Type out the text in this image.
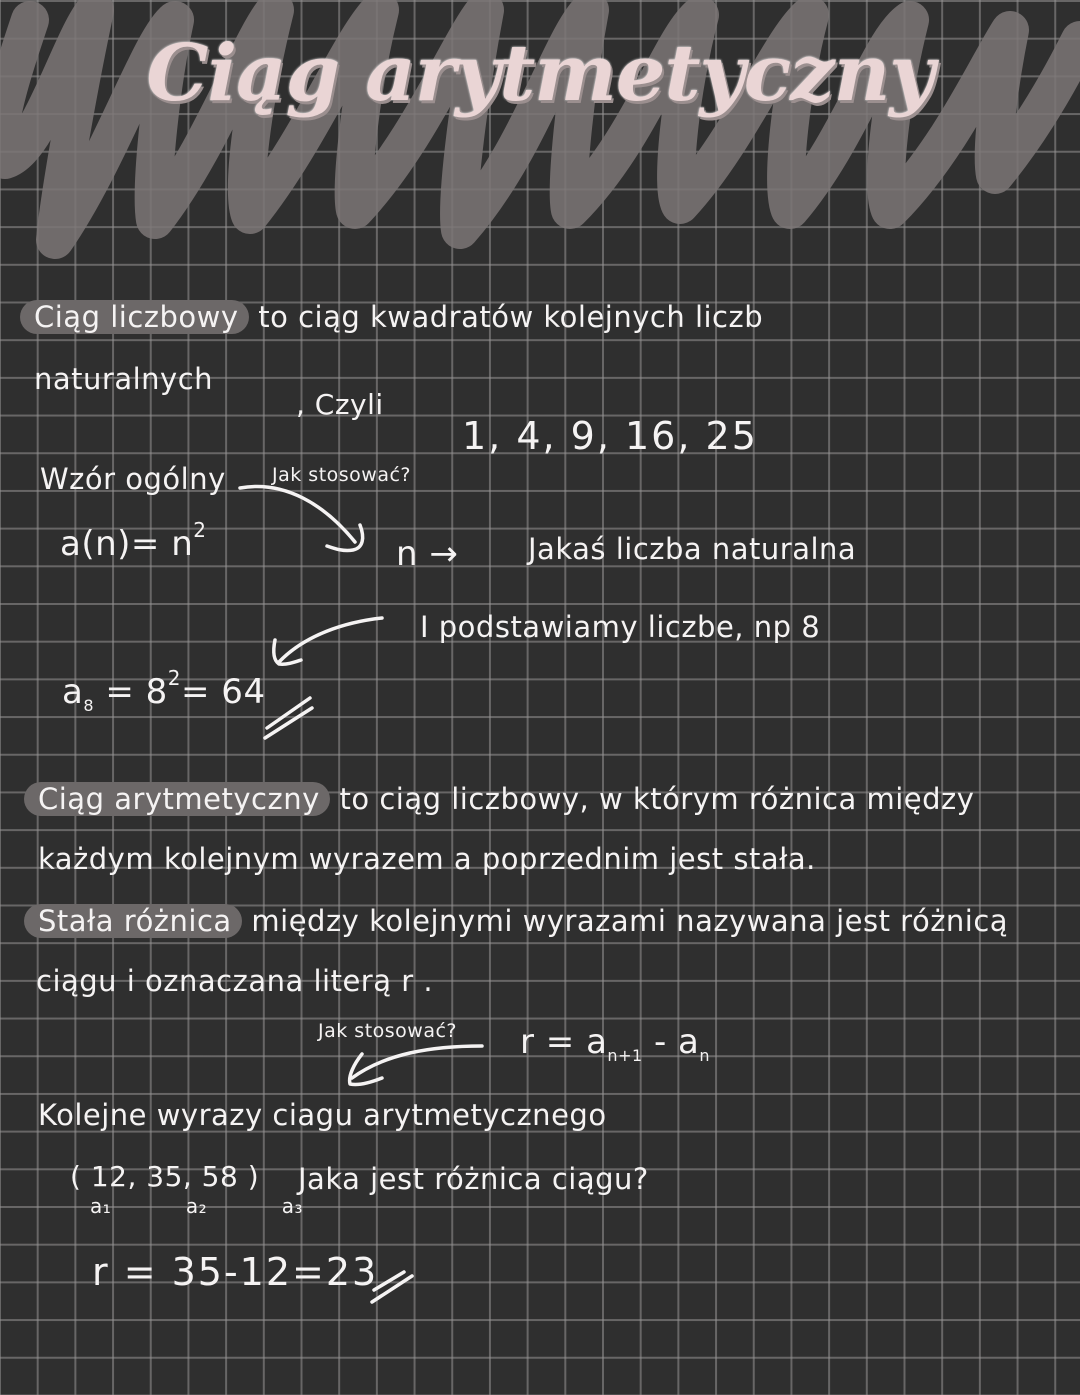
Ciąg arytmetyczny
Ciąg liczbowy to ciąg kwadratów kolejnych liczb
naturalnych
, Czyli
1, 4, 9, 16, 25
Wzór ogólny Jak stosować?
$a(n)= n^2$
n → Jakaś liczba naturalna
I podstawiamy liczbe, np 8
$a_8 = 8^2= 64$
Ciąg arytmetyczny to ciąg liczbowy, w którym różnica między
każdym kolejnym wyrazem a poprzednim jest stała.
Stała różnica między kolejnymi wyrazami nazywana jest różnicą
ciągu i oznaczana literą r .
Jak stosować? $r = a_{n+1} - a_n$
Kolejne wyrazy ciagu arytmetycznego
( 12, 35, 58 )
a₁	a₂	a₃
Jaka jest różnica ciągu?
r = 35-12=23
